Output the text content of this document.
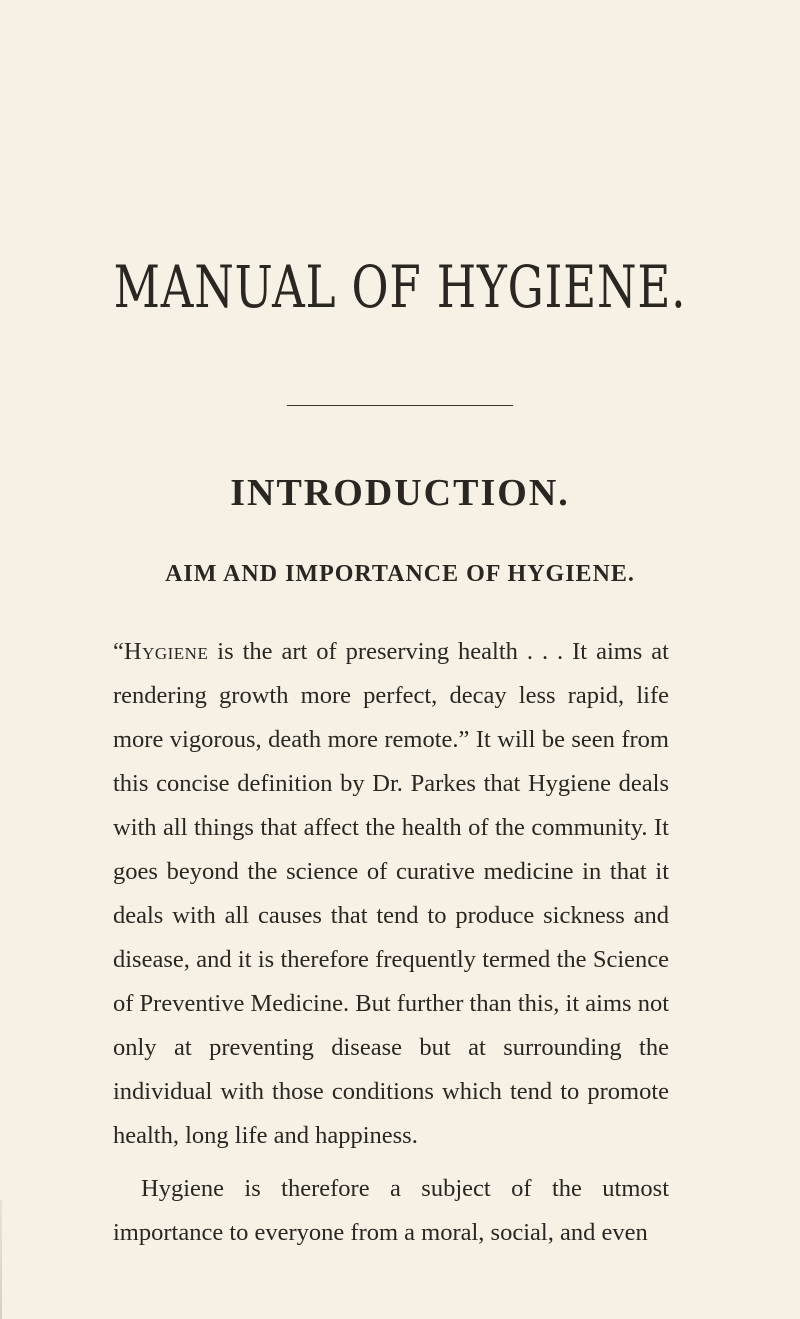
MANUAL OF HYGIENE.
INTRODUCTION.
AIM AND IMPORTANCE OF HYGIENE.

“Hygiene is the art of preserving health . . . It aims at rendering growth more perfect, decay less rapid, life more vigorous, death more remote.” It will be seen from this concise definition by Dr. Parkes that Hygiene deals with all things that affect the health of the community. It goes beyond the science of curative medicine in that it deals with all causes that tend to produce sickness and disease, and it is therefore frequently termed the Science of Preventive Medicine. But further than this, it aims not only at preventing disease but at surrounding the individual with those conditions which tend to promote health, long life and happiness.

Hygiene is therefore a subject of the utmost importance to everyone from a moral, social, and even
